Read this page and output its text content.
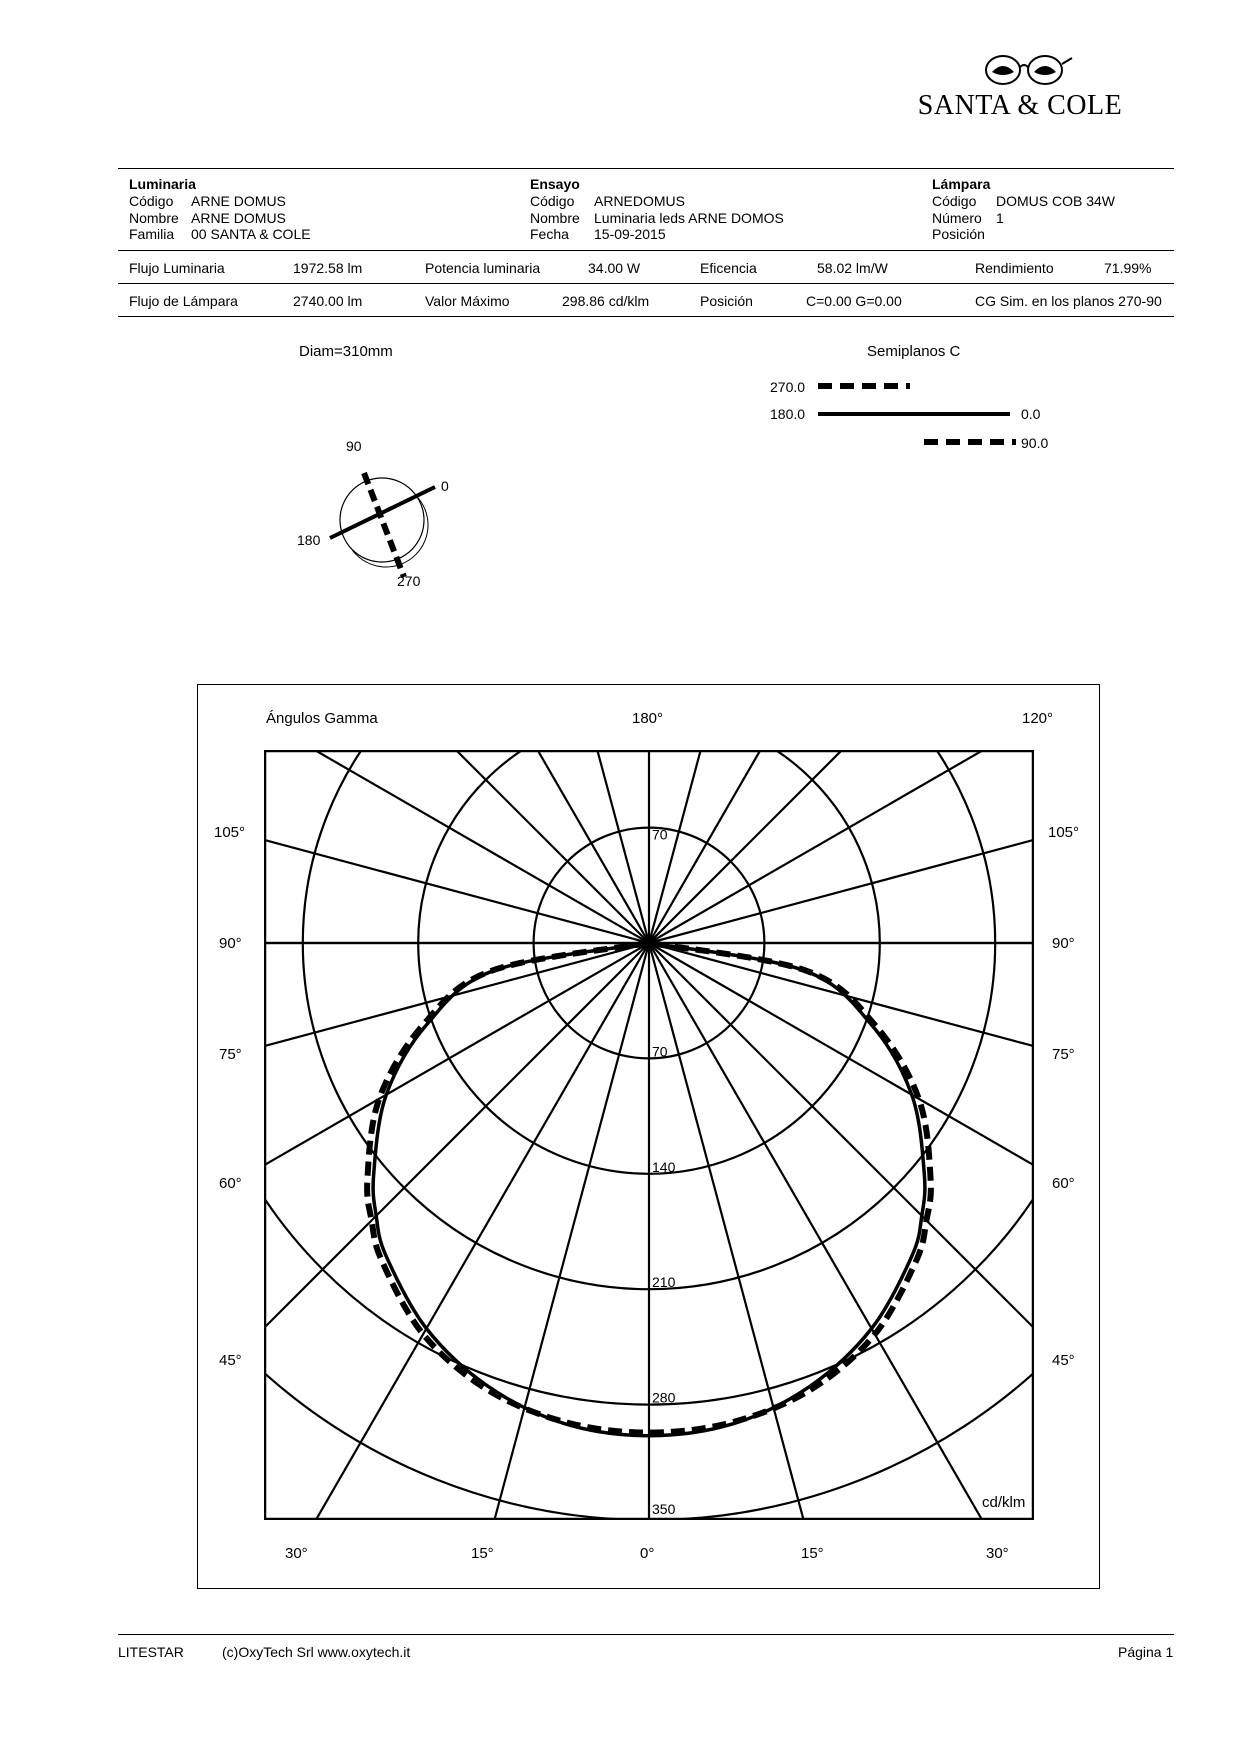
SANTA & COLE
Luminaria
Código ARNE DOMUS
Nombre ARNE DOMUS
Familia 00 SANTA & COLE
Ensayo
Código ARNEDOMUS
Nombre Luminaria leds ARNE DOMOS
Fecha 15-09-2015
Lámpara
Código DOMUS COB 34W
Número 1
Posición
Flujo Luminaria	1972.58 lm	Potencia luminaria	34.00 W	Eficencia	58.02 lm/W	Rendimiento	71.99%
Flujo de Lámpara	2740.00 lm	Valor Máximo	298.86 cd/klm	Posición	C=0.00 G=0.00	CG Sim. en los planos 270-90
Diam=310mm
90
0
180
270
Semiplanos C
270.0
180.0	0.0
90.0
Ángulos Gamma
cd/klm
180°	120°
105°
90°
75°
60°
45°
105°
90°
75°
60°
45°
30°	15°	0°	15°	30°
70
140
210
280
350
70
LITESTAR	(c)OxyTech Srl www.oxytech.it	Página 1
